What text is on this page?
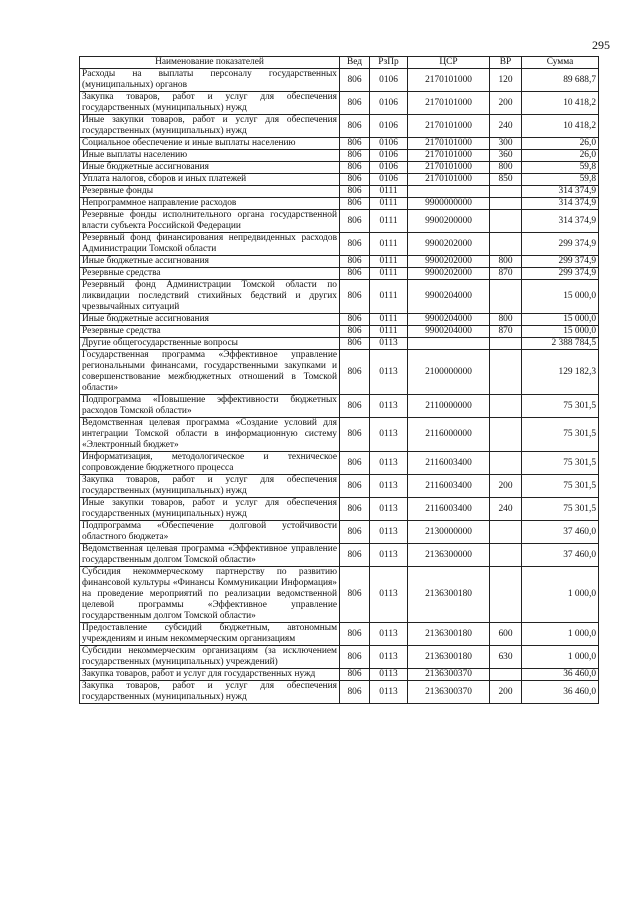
295
Наименование показателей	Вед	РзПр	ЦСР	ВР	Сумма
Расходы на выплаты персоналу государственных (муниципальных) органов	806	0106	2170101000	120	89 688,7
Закупка товаров, работ и услуг для обеспечения государственных (муниципальных) нужд	806	0106	2170101000	200	10 418,2
Иные закупки товаров, работ и услуг для обеспечения государственных (муниципальных) нужд	806	0106	2170101000	240	10 418,2
Социальное обеспечение и иные выплаты населению	806	0106	2170101000	300	26,0
Иные выплаты населению	806	0106	2170101000	360	26,0
Иные бюджетные ассигнования	806	0106	2170101000	800	59,8
Уплата налогов, сборов и иных платежей	806	0106	2170101000	850	59,8
Резервные фонды	806	0111			314 374,9
Непрограммное направление расходов	806	0111	9900000000		314 374,9
Резервные фонды исполнительного органа государственной власти субъекта Российской Федерации	806	0111	9900200000		314 374,9
Резервный фонд финансирования непредвиденных расходов Администрации Томской области	806	0111	9900202000		299 374,9
Иные бюджетные ассигнования	806	0111	9900202000	800	299 374,9
Резервные средства	806	0111	9900202000	870	299 374,9
Резервный фонд Администрации Томской области по ликвидации последствий стихийных бедствий и других чрезвычайных ситуаций	806	0111	9900204000		15 000,0
Иные бюджетные ассигнования	806	0111	9900204000	800	15 000,0
Резервные средства	806	0111	9900204000	870	15 000,0
Другие общегосударственные вопросы	806	0113			2 388 784,5
Государственная программа «Эффективное управление региональными финансами, государственными закупками и совершенствование межбюджетных отношений в Томской области»	806	0113	2100000000		129 182,3
Подпрограмма «Повышение эффективности бюджетных расходов Томской области»	806	0113	2110000000		75 301,5
Ведомственная целевая программа «Создание условий для интеграции Томской области в информационную систему «Электронный бюджет»	806	0113	2116000000		75 301,5
Информатизация, методологическое и техническое сопровождение бюджетного процесса	806	0113	2116003400		75 301,5
Закупка товаров, работ и услуг для обеспечения государственных (муниципальных) нужд	806	0113	2116003400	200	75 301,5
Иные закупки товаров, работ и услуг для обеспечения государственных (муниципальных) нужд	806	0113	2116003400	240	75 301,5
Подпрограмма «Обеспечение долговой устойчивости областного бюджета»	806	0113	2130000000		37 460,0
Ведомственная целевая программа «Эффективное управление государственным долгом Томской области»	806	0113	2136300000		37 460,0
Субсидия некоммерческому партнерству по развитию финансовой культуры «Финансы Коммуникации Информация» на проведение мероприятий по реализации ведомственной целевой программы «Эффективное управление государственным долгом Томской области»	806	0113	2136300180		1 000,0
Предоставление субсидий бюджетным, автономным учреждениям и иным некоммерческим организациям	806	0113	2136300180	600	1 000,0
Субсидии некоммерческим организациям (за исключением государственных (муниципальных) учреждений)	806	0113	2136300180	630	1 000,0
Закупка товаров, работ и услуг для государственных нужд	806	0113	2136300370		36 460,0
Закупка товаров, работ и услуг для обеспечения государственных (муниципальных) нужд	806	0113	2136300370	200	36 460,0
